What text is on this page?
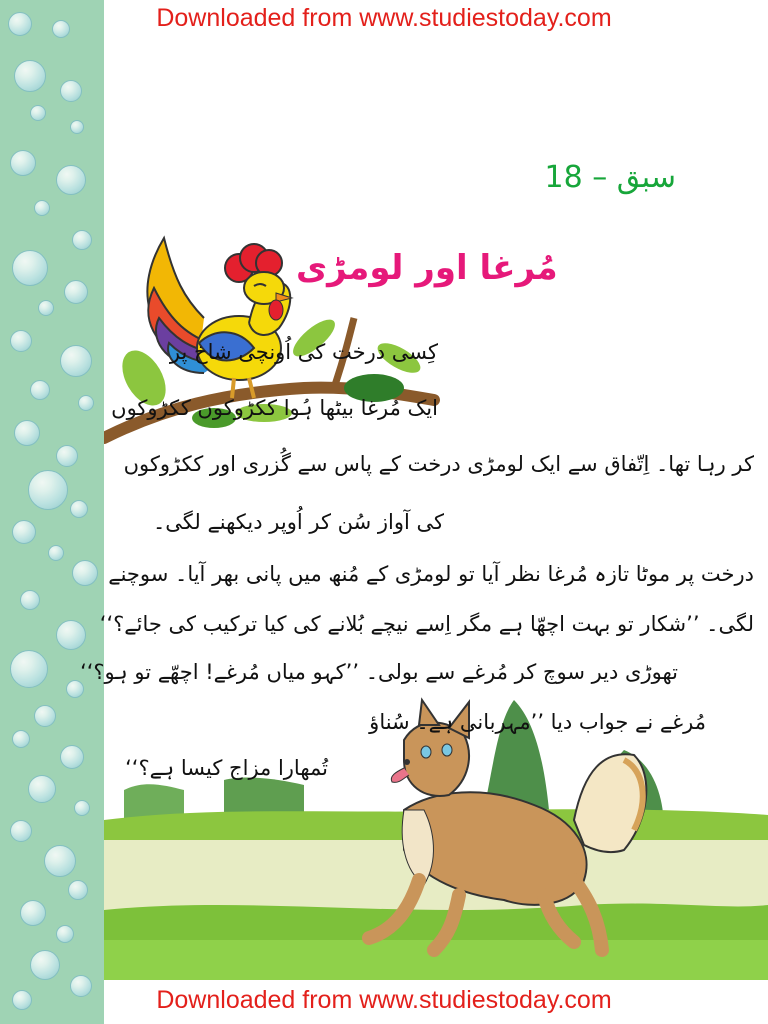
Downloaded from www.studiestoday.com
Downloaded from www.studiestoday.com
سبق – 18
مُرغا اور لومڑی
کِسی درخت کی اُونچی شاخ پر
ایک مُرغا بیٹھا ہُوا ککڑوکوں ککڑوکوں
کر رہا تھا۔ اِتّفاق سے ایک لومڑی درخت کے پاس سے گُزری اور ککڑوکوں
کی آواز سُن کر اُوپر دیکھنے لگی۔
درخت پر موٹا تازہ مُرغا نظر آیا تو لومڑی کے مُنھ میں پانی بھر آیا۔ سوچنے
لگی۔ ’’شکار تو بہت اچھّا ہے مگر اِسے نیچے بُلانے کی کیا ترکیب کی جائے؟‘‘
تھوڑی دیر سوچ کر مُرغے سے بولی۔ ’’کہو میاں مُرغے! اچھّے تو ہو؟‘‘
مُرغے نے جواب دیا ’’مہربانی ہے۔ سُناؤ
تُمھارا مزاج کیسا ہے؟‘‘
